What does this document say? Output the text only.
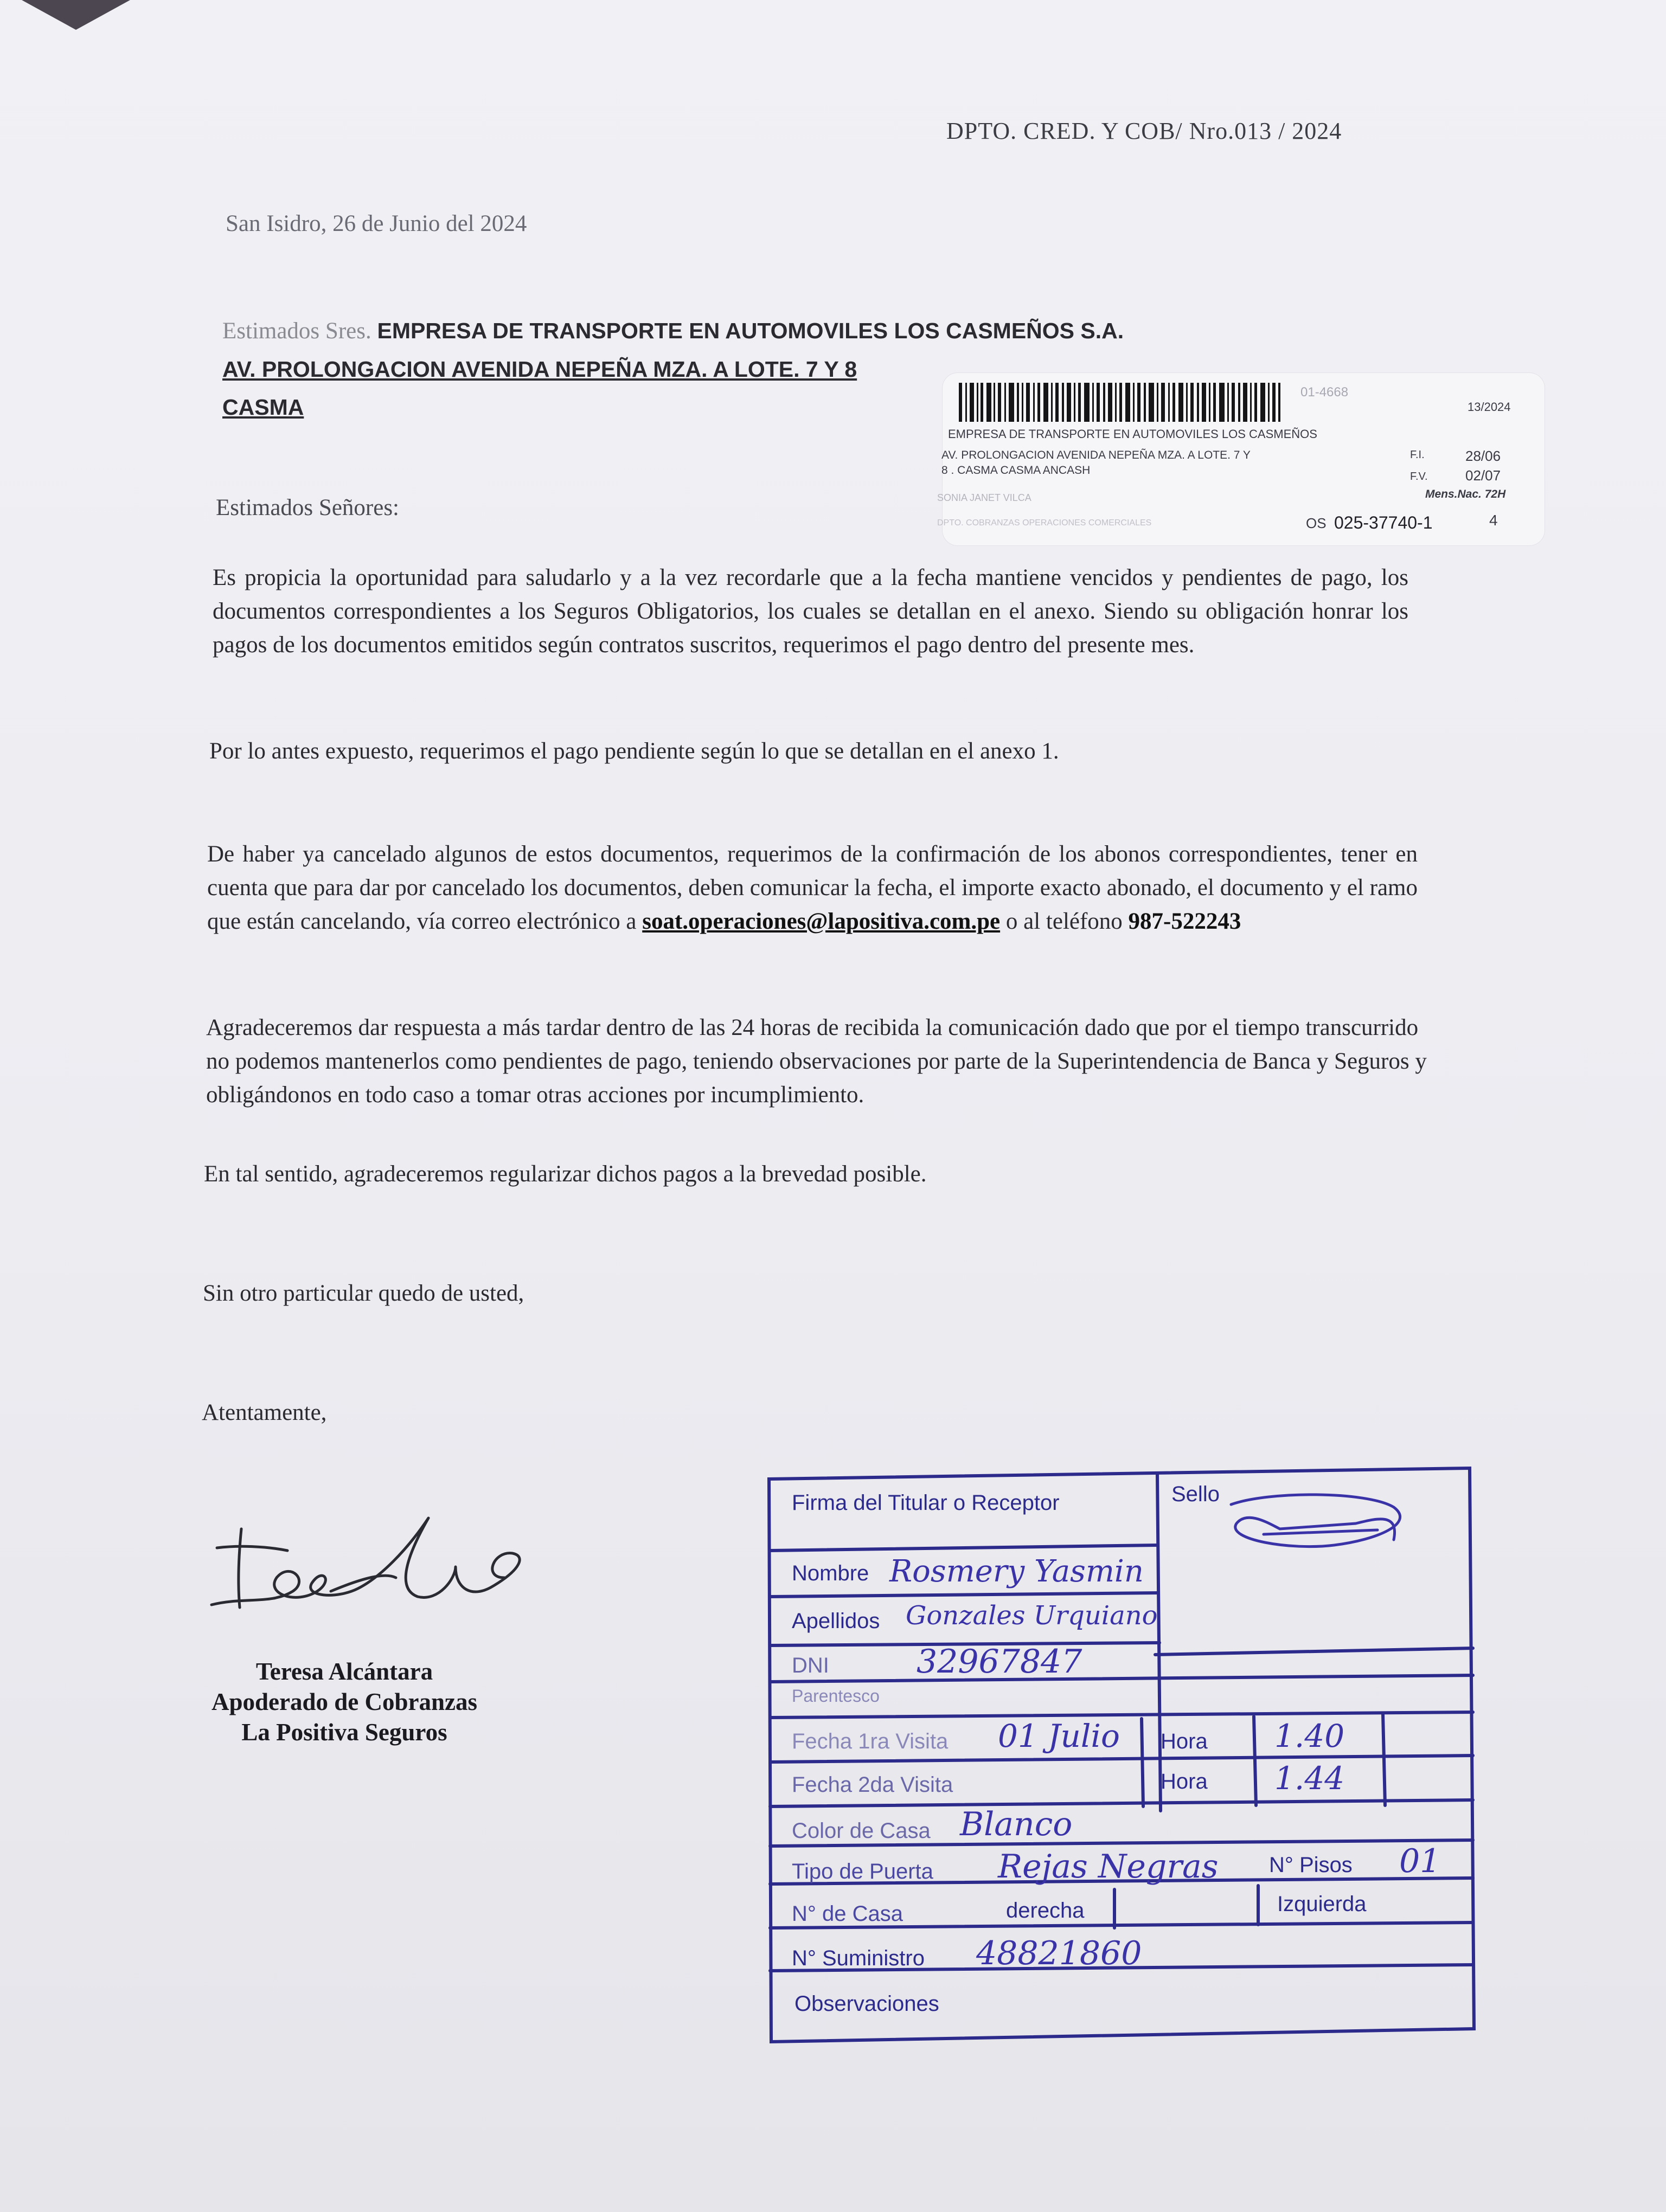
DPTO. CRED. Y COB/ Nro.013 / 2024
San Isidro, 26 de Junio del 2024
Estimados Sres. EMPRESA DE TRANSPORTE EN AUTOMOVILES LOS CASMEÑOS S.A.
AV. PROLONGACION AVENIDA NEPEÑA MZA. A LOTE. 7 Y 8
CASMA
01-4668
13/2024
EMPRESA DE TRANSPORTE EN AUTOMOVILES LOS CASMEÑOS
AV. PROLONGACION AVENIDA NEPEÑA MZA. A LOTE. 7 Y
8 . CASMA CASMA ANCASH
F.I.	28/06
F.V.	02/07
Mens.Nac. 72H
SONIA JANET VILCA
DPTO. COBRANZAS OPERACIONES COMERCIALES	OS 025-37740-1	4
Estimados Señores:
Es propicia la oportunidad para saludarlo y a la vez recordarle que a la fecha mantiene vencidos y pendientes de pago, los documentos correspondientes a los Seguros Obligatorios, los cuales se detallan en el anexo. Siendo su obligación honrar los pagos de los documentos emitidos según contratos suscritos, requerimos el pago dentro del presente mes.
Por lo antes expuesto, requerimos el pago pendiente según lo que se detallan en el anexo 1.
De haber ya cancelado algunos de estos documentos, requerimos de la confirmación de los abonos correspondientes, tener en cuenta que para dar por cancelado los documentos, deben comunicar la fecha, el importe exacto abonado, el documento y el ramo que están cancelando, vía correo electrónico a soat.operaciones@lapositiva.com.pe o al teléfono 987-522243
Agradeceremos dar respuesta a más tardar dentro de las 24 horas de recibida la comunicación dado que por el tiempo transcurrido no podemos mantenerlos como pendientes de pago, teniendo observaciones por parte de la Superintendencia de Banca y Seguros y obligándonos en todo caso a tomar otras acciones por incumplimiento.
En tal sentido, agradeceremos regularizar dichos pagos a la brevedad posible.
Sin otro particular quedo de usted,
Atentamente,
Teresa Alcántara
Apoderado de Cobranzas
La Positiva Seguros
Firma del Titular o Receptor	Sello
Nombre Rosmery Yasmin
Apellidos Gonzales Urquiano
DNI	32967847
Parentesco
Fecha 1ra Visita 01 Julio Hora 1.40
Fecha 2da Visita	Hora 1.44
Color de Casa Blanco
Tipo de Puerta Rejas Negras N° Pisos 01
N° de Casa	derecha	Izquierda
N° Suministro 48821860
Observaciones
